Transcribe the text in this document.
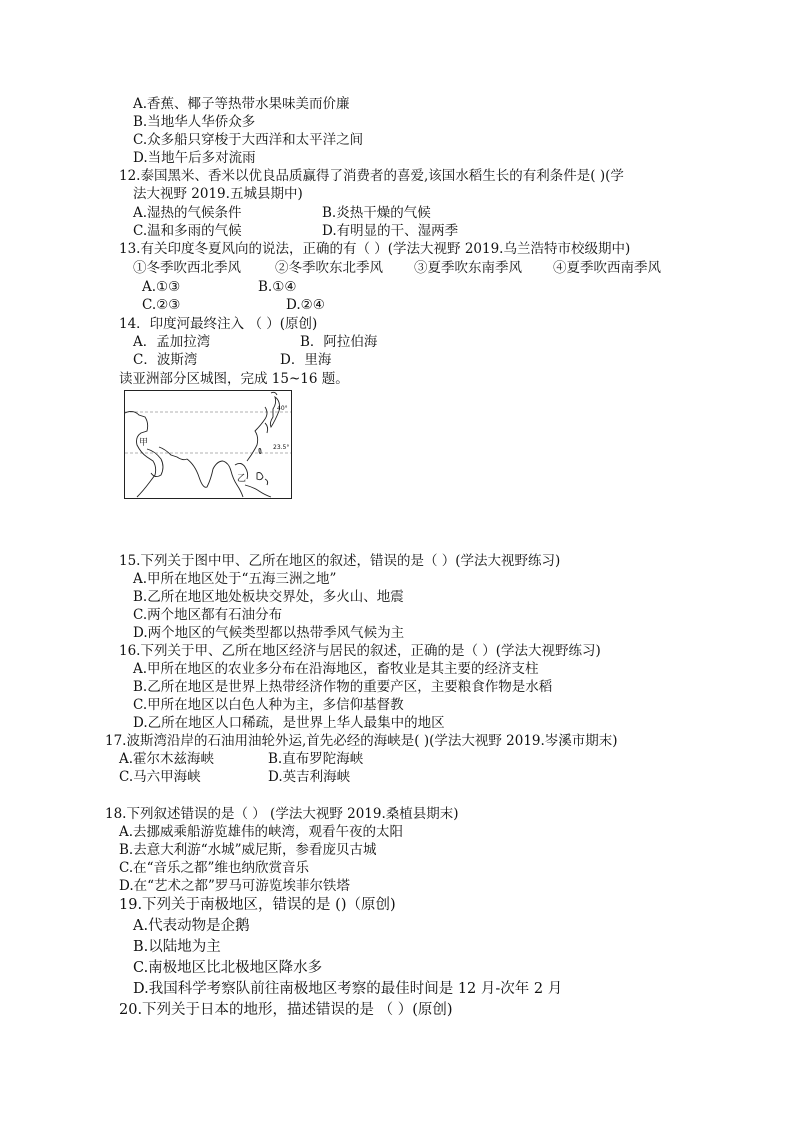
A.香蕉、椰子等热带水果味美而价廉
B.当地华人华侨众多
C.众多船只穿梭于大西洋和太平洋之间
D.当地午后多对流雨
12.泰国黑米、香米以优良品质赢得了消费者的喜爱,该国水稻生长的有利条件是( )(学
法大视野 2019.五城县期中)
A.湿热的气候条件	B.炎热干燥的气候
C.温和多雨的气候	D.有明显的干、湿两季
13.有关印度冬夏风向的说法，正确的有（ ）(学法大视野 2019.乌兰浩特市校级期中)
①冬季吹西北季风	②冬季吹东北季风 ③夏季吹东南季风 ④夏季吹西南季风
A.①③	B.①④
C.②③	D.②④
14．印度河最终注入 （ ）(原创)
A．孟加拉湾	B．阿拉伯海
C．波斯湾	D．里海
读亚洲部分区城图，完成 15~16 题。
甲
乙
23.5°
40°
15.下列关于图中甲、乙所在地区的叙述，错误的是（ ）(学法大视野练习)
A.甲所在地区处于“五海三洲之地”
B.乙所在地区地处板块交界处，多火山、地震
C.两个地区都有石油分布
D.两个地区的气候类型都以热带季风气候为主
16.下列关于甲、乙所在地区经济与居民的叙述，正确的是（ ）(学法大视野练习)
A.甲所在地区的农业多分布在沿海地区，畜牧业是其主要的经济支柱
B.乙所在地区是世界上热带经济作物的重要产区，主要粮食作物是水稻
C.甲所在地区以白色人种为主，多信仰基督教
D.乙所在地区人口稀疏，是世界上华人最集中的地区
17.波斯湾沿岸的石油用油轮外运,首先必经的海峡是( )(学法大视野 2019.岑溪市期末)
A.霍尔木兹海峡	B.直布罗陀海峡
C.马六甲海峡	D.英吉利海峡
18.下列叙述错误的是（ ） (学法大视野 2019.桑植县期末)
A.去挪威乘船游览雄伟的峡湾，观看午夜的太阳
B.去意大利游“水城”威尼斯，参看庞贝古城
C.在“音乐之都”维也纳欣赏音乐
D.在“艺术之都”罗马可游览埃菲尔铁塔
19.下列关于南极地区，错误的是 ()（原创)
A.代表动物是企鹅
B.以陆地为主
C.南极地区比北极地区降水多
D.我国科学考察队前往南极地区考察的最佳时间是 12 月-次年 2 月
20.下列关于日本的地形，描述错误的是 （ ）(原创)
